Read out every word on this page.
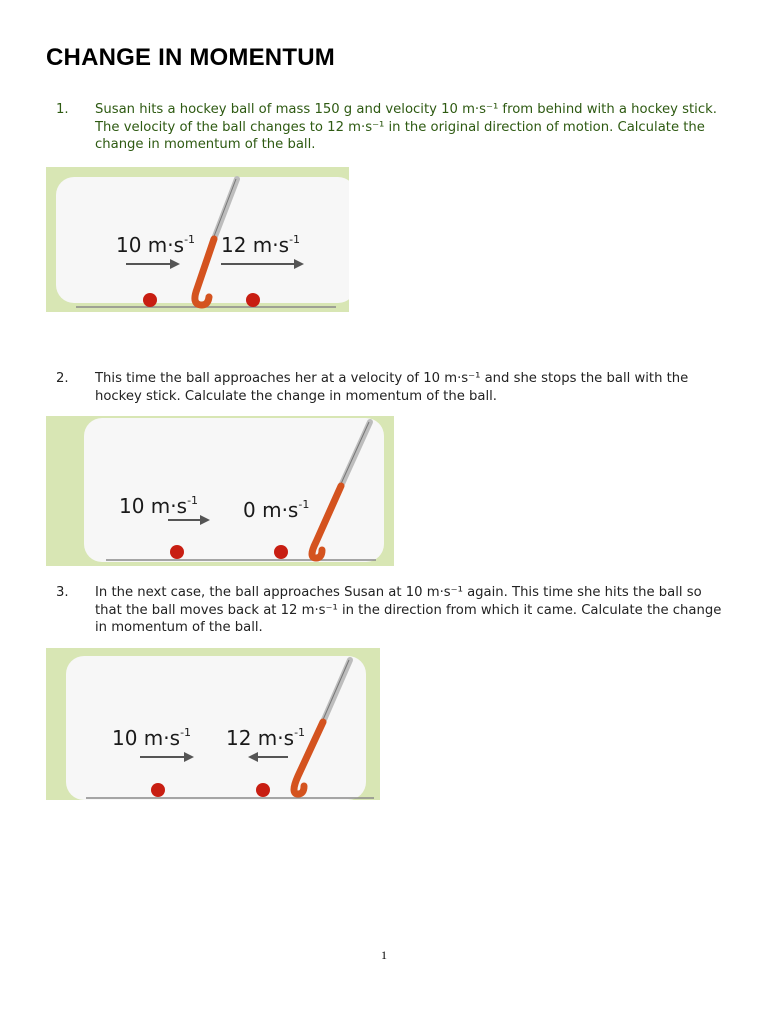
CHANGE IN MOMENTUM
1.	Susan hits a hockey ball of mass 150 g and velocity 10 m·s⁻¹ from behind with a hockey stick. The velocity of the ball changes to 12 m·s⁻¹ in the original direction of motion. Calculate the change in momentum of the ball.
10 $m\cdot s^{-1}$ 12 $m\cdot s^{-1}$
2.	This time the ball approaches her at a velocity of 10 m·s⁻¹ and she stops the ball with the hockey stick. Calculate the change in momentum of the ball.
10 $m\cdot s^{-1}$ 0 $m\cdot s^{-1}$
3.	In the next case, the ball approaches Susan at 10 m·s⁻¹ again. This time she hits the ball so that the ball moves back at 12 m·s⁻¹ in the direction from which it came. Calculate the change in momentum of the ball.
10 $m\cdot s^{-1}$ 12 $m\cdot s^{-1}$
1
